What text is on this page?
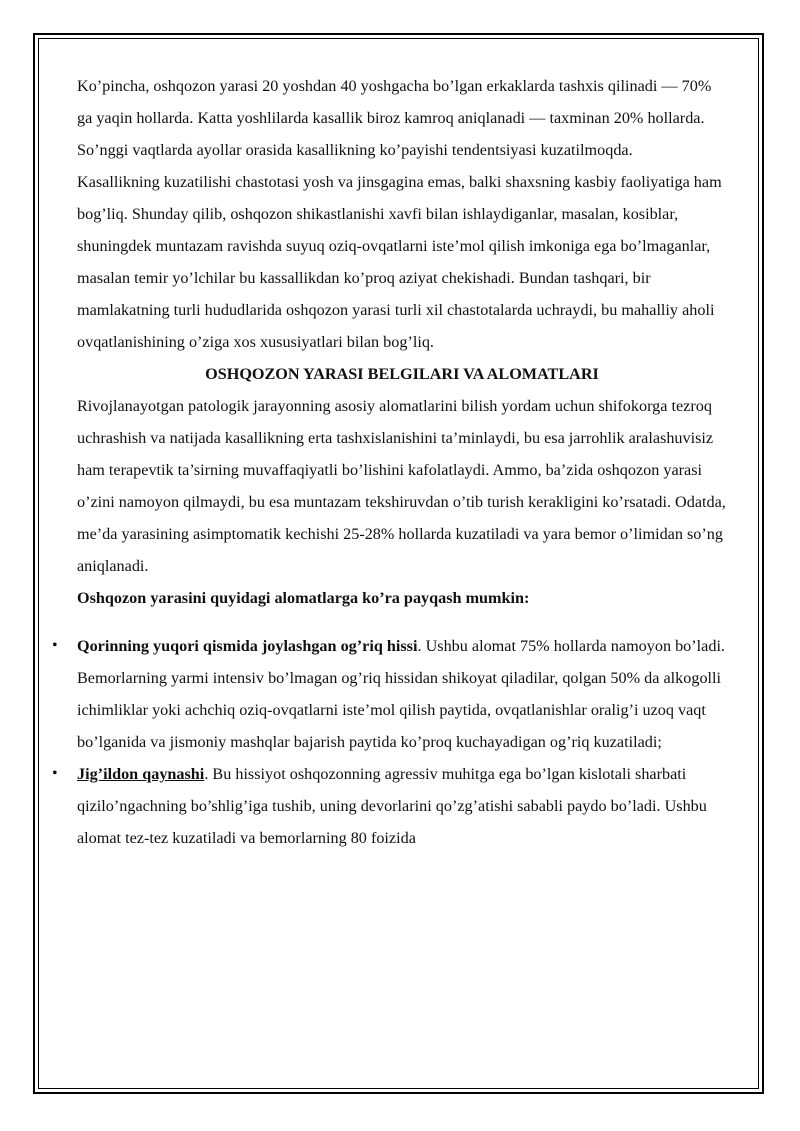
Ko’pincha, oshqozon yarasi 20 yoshdan 40 yoshgacha bo’lgan erkaklarda tashxis qilinadi — 70% ga yaqin hollarda. Katta yoshlilarda kasallik biroz kamroq aniqlanadi — taxminan 20% hollarda. So’nggi vaqtlarda ayollar orasida kasallikning ko’payishi tendentsiyasi kuzatilmoqda.

Kasallikning kuzatilishi chastotasi yosh va jinsgagina emas, balki shaxsning kasbiy faoliyatiga ham bog’liq. Shunday qilib, oshqozon shikastlanishi xavfi bilan ishlaydiganlar, masalan, kosiblar, shuningdek muntazam ravishda suyuq oziq-ovqatlarni iste’mol qilish imkoniga ega bo’lmaganlar, masalan temir yo’lchilar bu kassallikdan ko’proq aziyat chekishadi. Bundan tashqari, bir mamlakatning turli hududlarida oshqozon yarasi turli xil chastotalarda uchraydi, bu mahalliy aholi ovqatlanishining o’ziga xos xususiyatlari bilan bog’liq.

OSHQOZON YARASI BELGILARI VA ALOMATLARI

Rivojlanayotgan patologik jarayonning asosiy alomatlarini bilish yordam uchun shifokorga tezroq uchrashish va natijada kasallikning erta tashxislanishini ta’minlaydi, bu esa jarrohlik aralashuvisiz ham terapevtik ta’sirning muvaffaqiyatli bo’lishini kafolatlaydi. Ammo, ba’zida oshqozon yarasi o’zini namoyon qilmaydi, bu esa muntazam tekshiruvdan o’tib turish kerakligini ko’rsatadi. Odatda, me’da yarasining asimptomatik kechishi 25-28% hollarda kuzatiladi va yara bemor o’limidan so’ng aniqlanadi.

Oshqozon yarasini quyidagi alomatlarga ko’ra payqash mumkin:

• Qorinning yuqori qismida joylashgan og’riq hissi. Ushbu alomat 75% hollarda namoyon bo’ladi. Bemorlarning yarmi intensiv bo’lmagan og’riq hissidan shikoyat qiladilar, qolgan 50% da alkogolli ichimliklar yoki achchiq oziq-ovqatlarni iste’mol qilish paytida, ovqatlanishlar oralig’i uzoq vaqt bo’lganida va jismoniy mashqlar bajarish paytida ko’proq kuchayadigan og’riq kuzatiladi;
• Jig’ildon qaynashi. Bu hissiyot oshqozonning agressiv muhitga ega bo’lgan kislotali sharbati qizilo’ngachning bo’shlig’iga tushib, uning devorlarini qo’zg’atishi sababli paydo bo’ladi. Ushbu alomat tez-tez kuzatiladi va bemorlarning 80 foizida
